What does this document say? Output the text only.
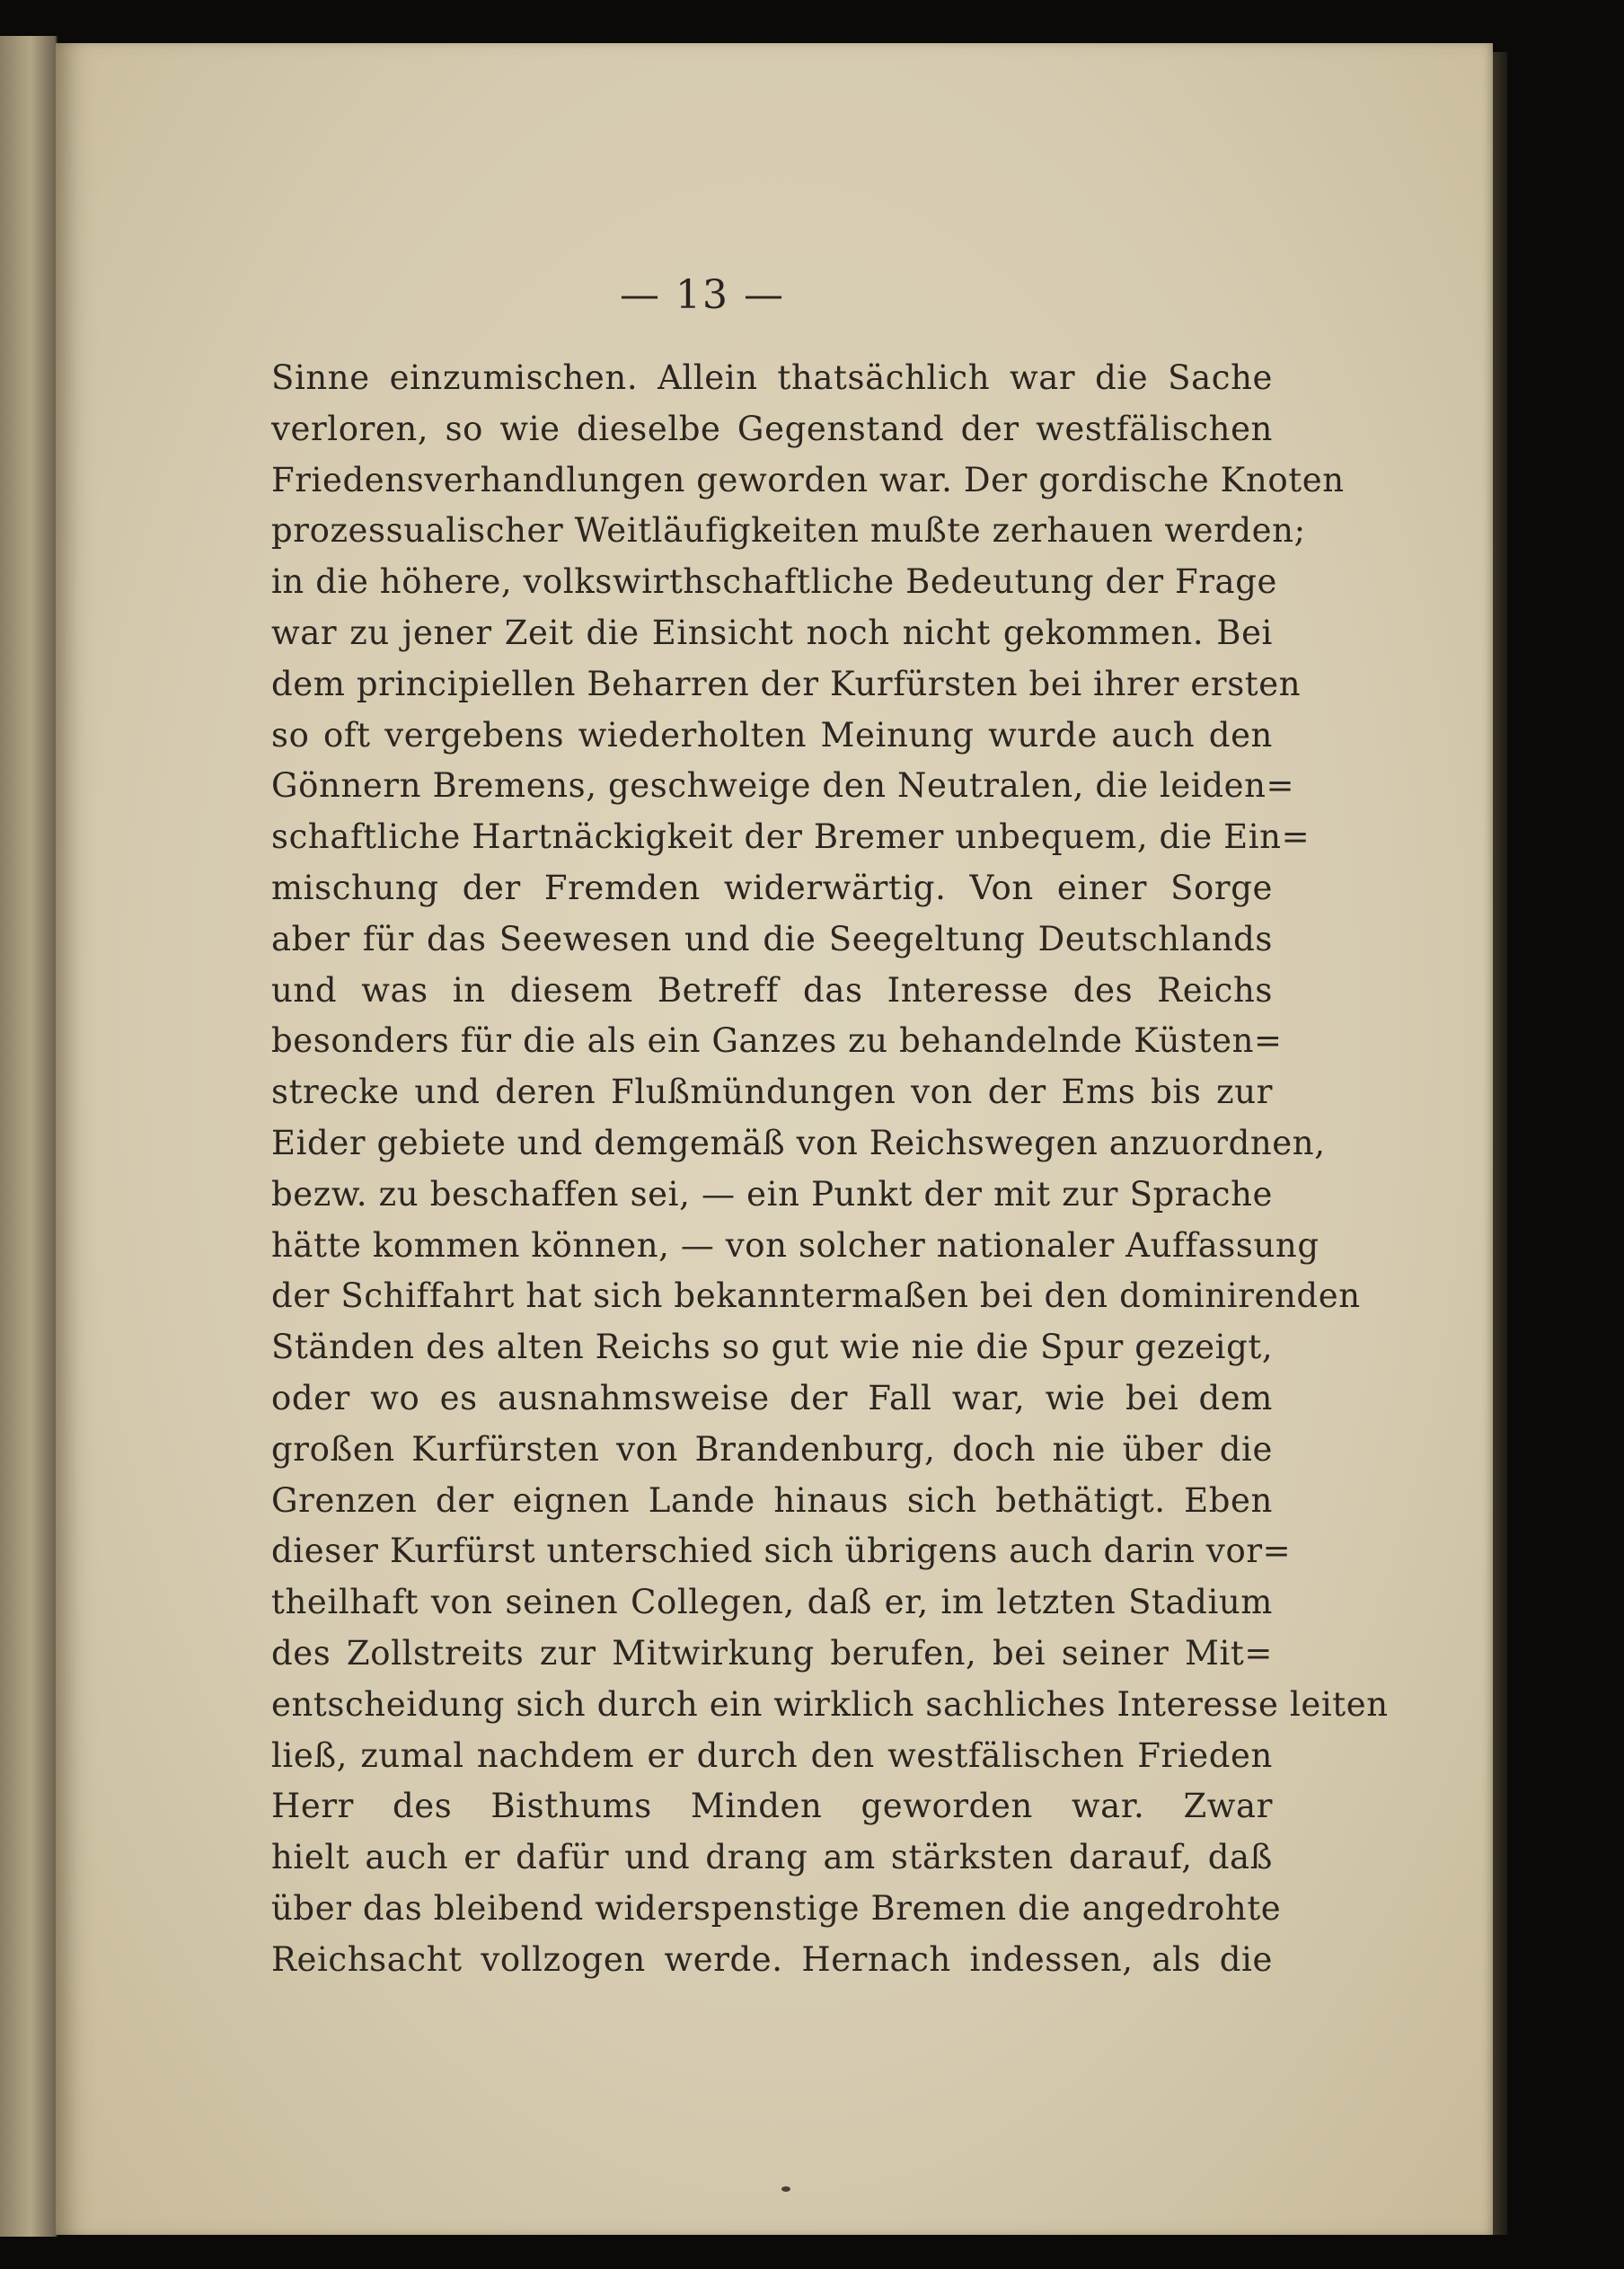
— 13 —
Sinne einzumischen. Allein thatsächlich war die Sache
verloren, so wie dieselbe Gegenstand der westfälischen
Friedensverhandlungen geworden war. Der gordische Knoten
prozessualischer Weitläufigkeiten mußte zerhauen werden;
in die höhere, volkswirthschaftliche Bedeutung der Frage
war zu jener Zeit die Einsicht noch nicht gekommen. Bei
dem principiellen Beharren der Kurfürsten bei ihrer ersten
so oft vergebens wiederholten Meinung wurde auch den
Gönnern Bremens, geschweige den Neutralen, die leiden=
schaftliche Hartnäckigkeit der Bremer unbequem, die Ein=
mischung der Fremden widerwärtig. Von einer Sorge
aber für das Seewesen und die Seegeltung Deutschlands
und was in diesem Betreff das Interesse des Reichs
besonders für die als ein Ganzes zu behandelnde Küsten=
strecke und deren Flußmündungen von der Ems bis zur
Eider gebiete und demgemäß von Reichswegen anzuordnen,
bezw. zu beschaffen sei, — ein Punkt der mit zur Sprache
hätte kommen können, — von solcher nationaler Auffassung
der Schiffahrt hat sich bekanntermaßen bei den dominirenden
Ständen des alten Reichs so gut wie nie die Spur gezeigt,
oder wo es ausnahmsweise der Fall war, wie bei dem
großen Kurfürsten von Brandenburg, doch nie über die
Grenzen der eignen Lande hinaus sich bethätigt. Eben
dieser Kurfürst unterschied sich übrigens auch darin vor=
theilhaft von seinen Collegen, daß er, im letzten Stadium
des Zollstreits zur Mitwirkung berufen, bei seiner Mit=
entscheidung sich durch ein wirklich sachliches Interesse leiten
ließ, zumal nachdem er durch den westfälischen Frieden
Herr des Bisthums Minden geworden war. Zwar
hielt auch er dafür und drang am stärksten darauf, daß
über das bleibend widerspenstige Bremen die angedrohte
Reichsacht vollzogen werde. Hernach indessen, als die
